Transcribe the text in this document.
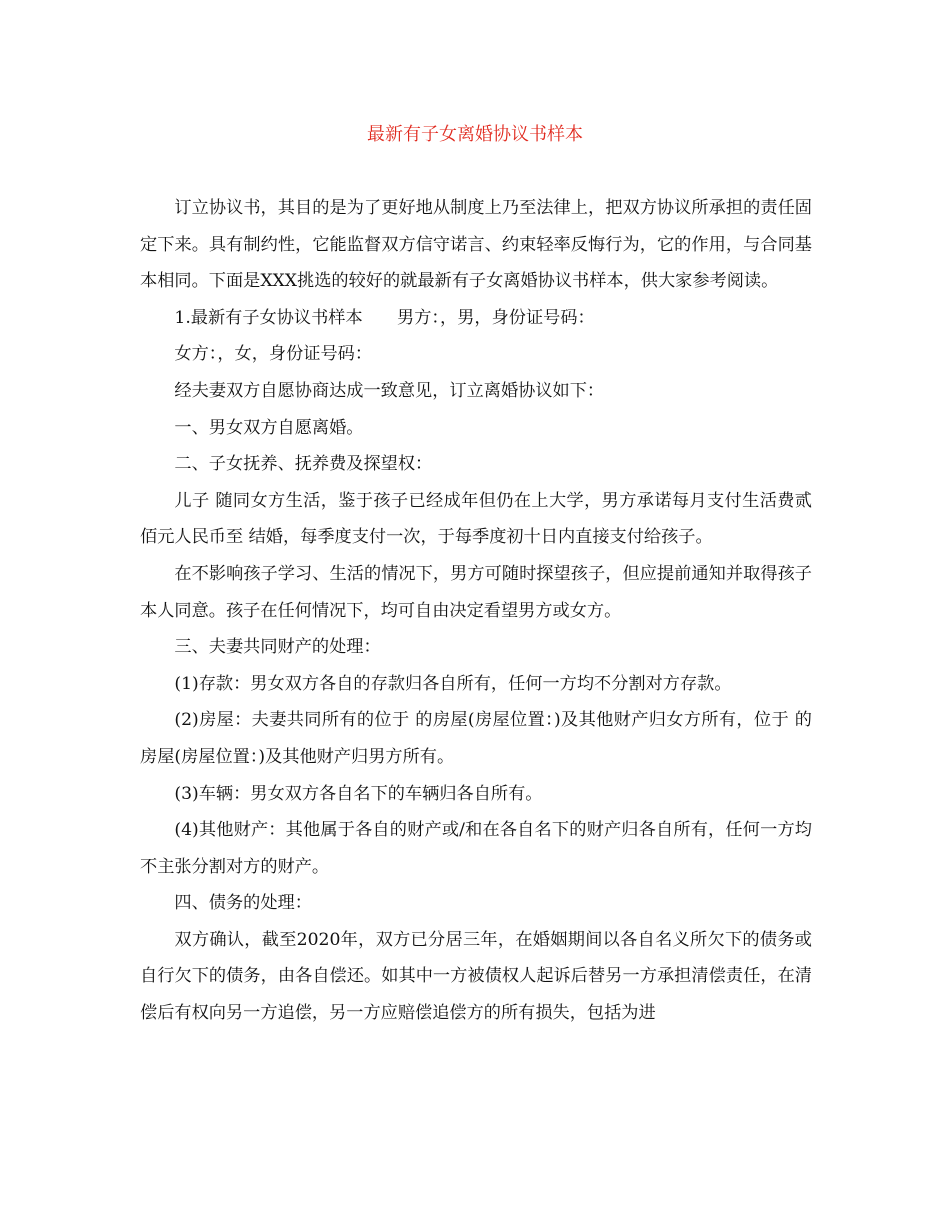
最新有子女离婚协议书样本

订立协议书，其目的是为了更好地从制度上乃至法律上，把双方协议所承担的责任固定下来。具有制约性，它能监督双方信守诺言、约束轻率反悔行为，它的作用，与合同基本相同。下面是XXX挑选的较好的就最新有子女离婚协议书样本，供大家参考阅读。

1.最新有子女协议书样本　　男方：，男，身份证号码：

女方：，女，身份证号码：

经夫妻双方自愿协商达成一致意见，订立离婚协议如下：

一、男女双方自愿离婚。

二、子女抚养、抚养费及探望权：

儿子 随同女方生活，鉴于孩子已经成年但仍在上大学，男方承诺每月支付生活费贰佰元人民币至 结婚，每季度支付一次，于每季度初十日内直接支付给孩子。

在不影响孩子学习、生活的情况下，男方可随时探望孩子，但应提前通知并取得孩子本人同意。孩子在任何情况下，均可自由决定看望男方或女方。

三、夫妻共同财产的处理：

(1)存款：男女双方各自的存款归各自所有，任何一方均不分割对方存款。

(2)房屋：夫妻共同所有的位于 的房屋(房屋位置：)及其他财产归女方所有，位于 的房屋(房屋位置：)及其他财产归男方所有。

(3)车辆：男女双方各自名下的车辆归各自所有。

(4)其他财产：其他属于各自的财产或/和在各自名下的财产归各自所有，任何一方均不主张分割对方的财产。

四、债务的处理：

双方确认，截至2020年，双方已分居三年，在婚姻期间以各自名义所欠下的债务或自行欠下的债务，由各自偿还。如其中一方被债权人起诉后替另一方承担清偿责任，在清偿后有权向另一方追偿，另一方应赔偿追偿方的所有损失，包括为进
